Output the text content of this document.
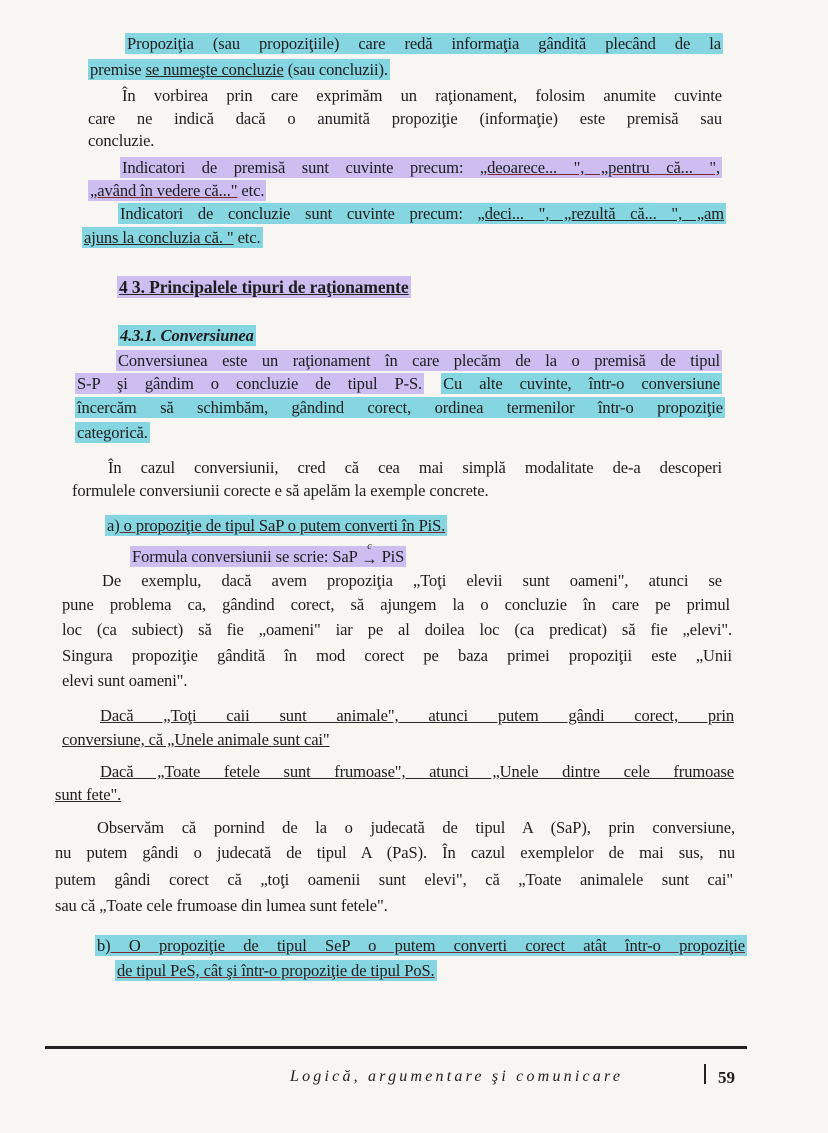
Propoziţia (sau propoziţiile) care redă informaţia gândită plecând de la
premise se numeşte concluzie (sau concluzii).
În vorbirea prin care exprimăm un raţionament, folosim anumite cuvinte
care ne indică dacă o anumită propoziţie (informaţie) este premisă sau
concluzie.
Indicatori de premisă sunt cuvinte precum: „deoarece... ", „pentru că... ",
„având în vedere că..." etc.
Indicatori de concluzie sunt cuvinte precum: „deci... ", „rezultă că... ", „am
ajuns la concluzia că. " etc.
4 3. Principalele tipuri de raţionamente
4.3.1. Conversiunea
Conversiunea este un raţionament în care plecăm de la o premisă de tipul
S-P şi gândim o concluzie de tipul P-S. Cu alte cuvinte, într-o conversiune
încercăm să schimbăm, gândind corect, ordinea termenilor într-o propoziţie
categorică.
În cazul conversiunii, cred că cea mai simplă modalitate de-a descoperi
formulele conversiunii corecte e să apelăm la exemple concrete.
a) o propoziţie de tipul SaP o putem converti în PiS.
Formula conversiunii se scrie: SaP
c
→ PiS
De exemplu, dacă avem propoziţia „Toţi elevii sunt oameni", atunci se
pune problema ca, gândind corect, să ajungem la o concluzie în care pe primul
loc (ca subiect) să fie „oameni" iar pe al doilea loc (ca predicat) să fie „elevi".
Singura propoziţie gândită în mod corect pe baza primei propoziţii este „Unii
elevi sunt oameni".
Dacă „Toţi caii sunt animale", atunci putem gândi corect, prin
conversiune, că „Unele animale sunt cai"
Dacă „Toate fetele sunt frumoase", atunci „Unele dintre cele frumoase
sunt fete".
Observăm că pornind de la o judecată de tipul A (SaP), prin conversiune,
nu putem gândi o judecată de tipul A (PaS). În cazul exemplelor de mai sus, nu
putem gândi corect că „toţi oamenii sunt elevi", că „Toate animalele sunt cai"
sau că „Toate cele frumoase din lumea sunt fetele".
b) O propoziţie de tipul SeP o putem converti corect atât într-o propoziţie
de tipul PeS, cât şi într-o propoziţie de tipul PoS.
Logică, argumentare şi comunicare	59
